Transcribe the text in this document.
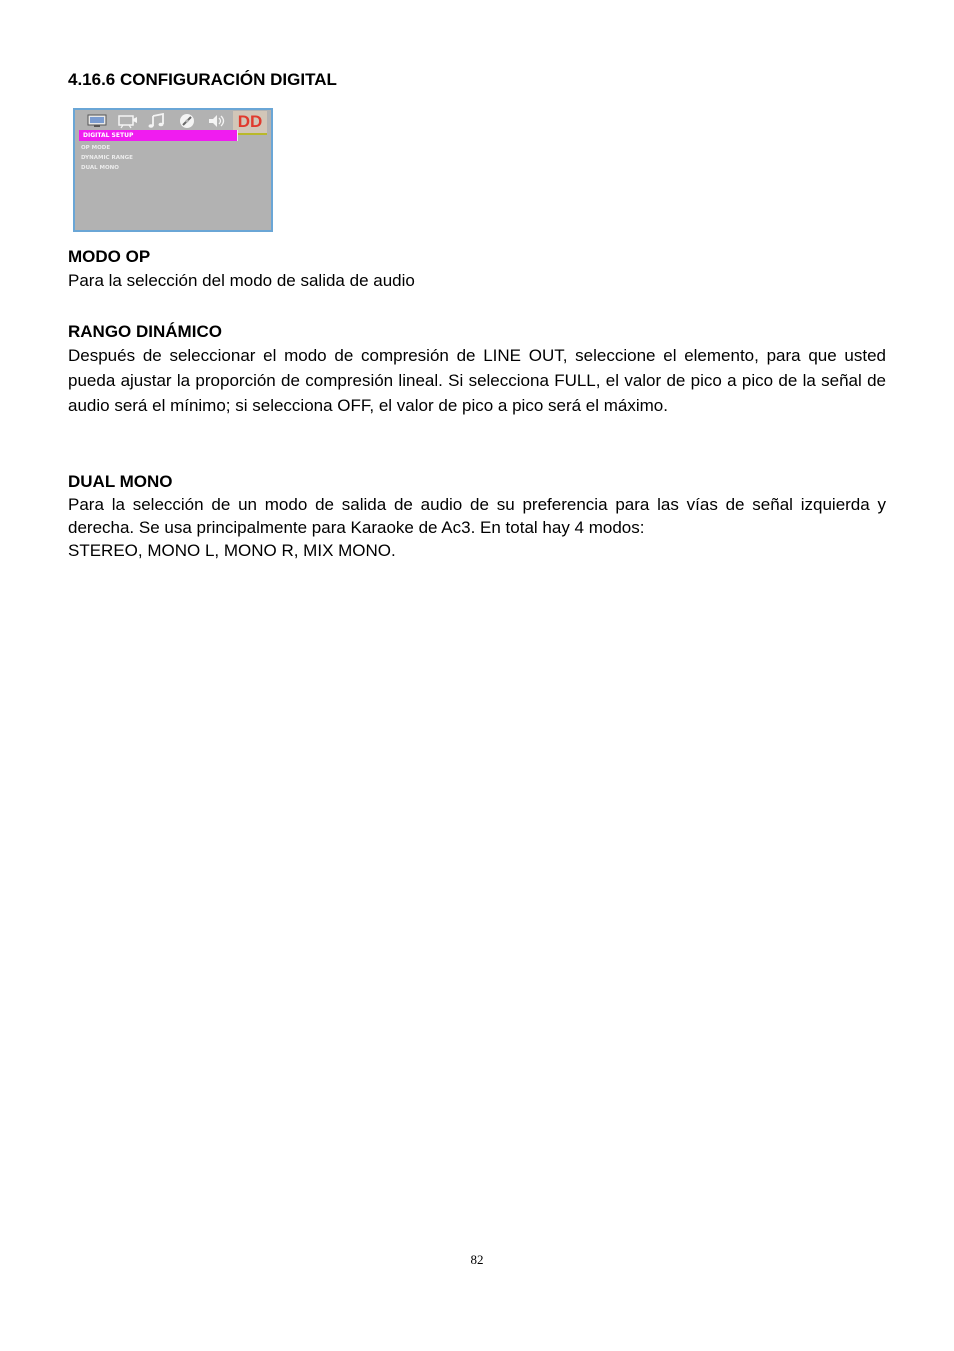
4.16.6 CONFIGURACIÓN DIGITAL
DD
DIGITAL SETUP
OP MODE
DYNAMIC RANGE
DUAL MONO
MODO OP

Para la selección del modo de salida de audio

RANGO DINÁMICO

Después de seleccionar el modo de compresión de LINE OUT, seleccione el elemento, para que usted pueda ajustar la proporción de compresión lineal. Si selecciona FULL, el valor de pico a pico de la señal de audio será el mínimo; si selecciona OFF, el valor de pico a pico será el máximo.

DUAL MONO

Para la selección de un modo de salida de audio de su preferencia para las vías de señal izquierda y derecha. Se usa principalmente para Karaoke de Ac3. En total hay 4 modos:

STEREO, MONO L, MONO R, MIX MONO.

82
